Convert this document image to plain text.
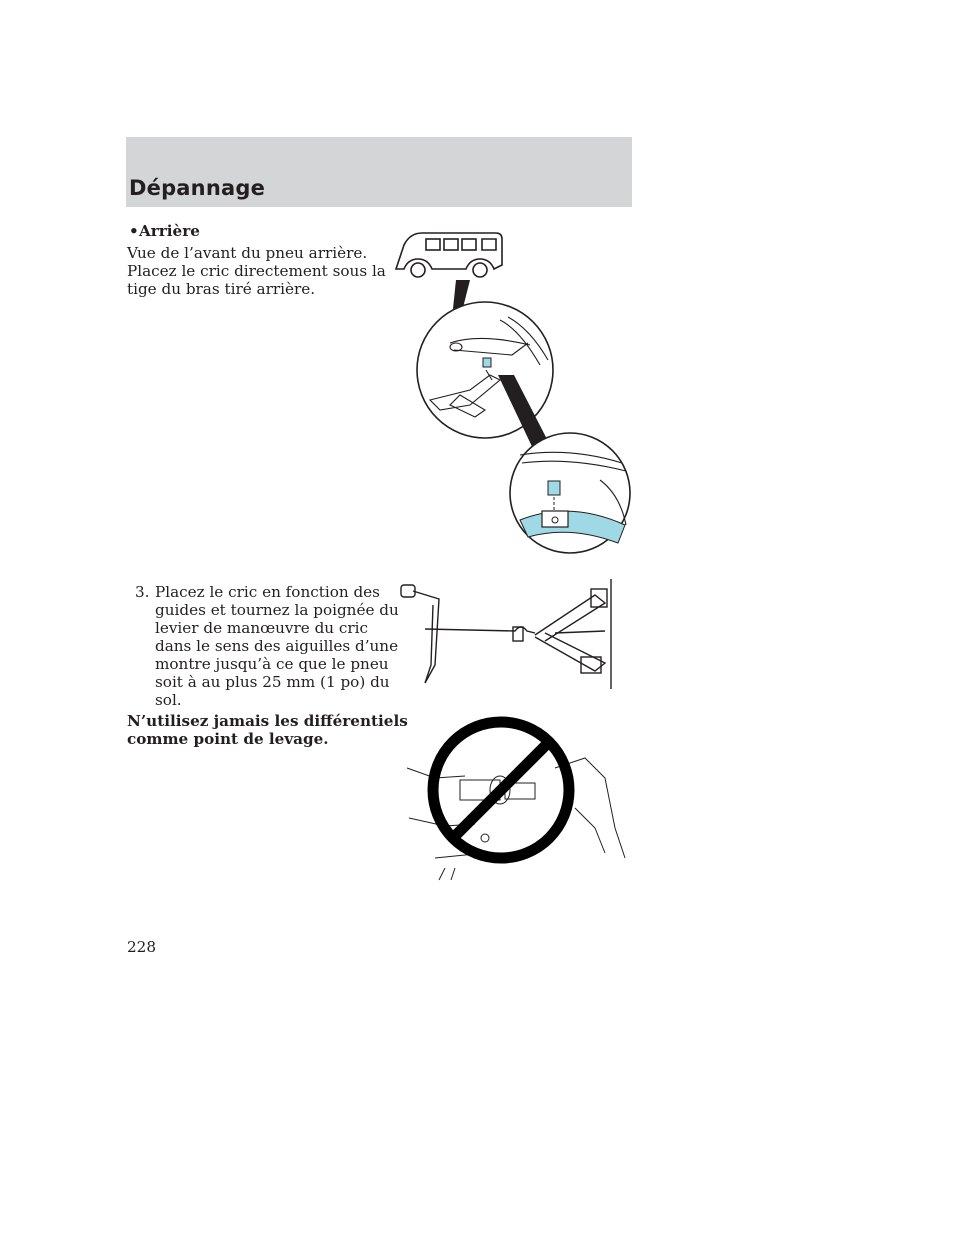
Dépannage
•Arrière
Vue de l’avant du pneu arrière.
Placez le cric directement sous la
tige du bras tiré arrière.
3. Placez le cric en fonction des
guides et tournez la poignée du
levier de manœuvre du cric
dans le sens des aiguilles d’une
montre jusqu’à ce que le pneu
soit à au plus 25 mm (1 po) du
sol.
N’utilisez jamais les différentiels
comme point de levage.
228
